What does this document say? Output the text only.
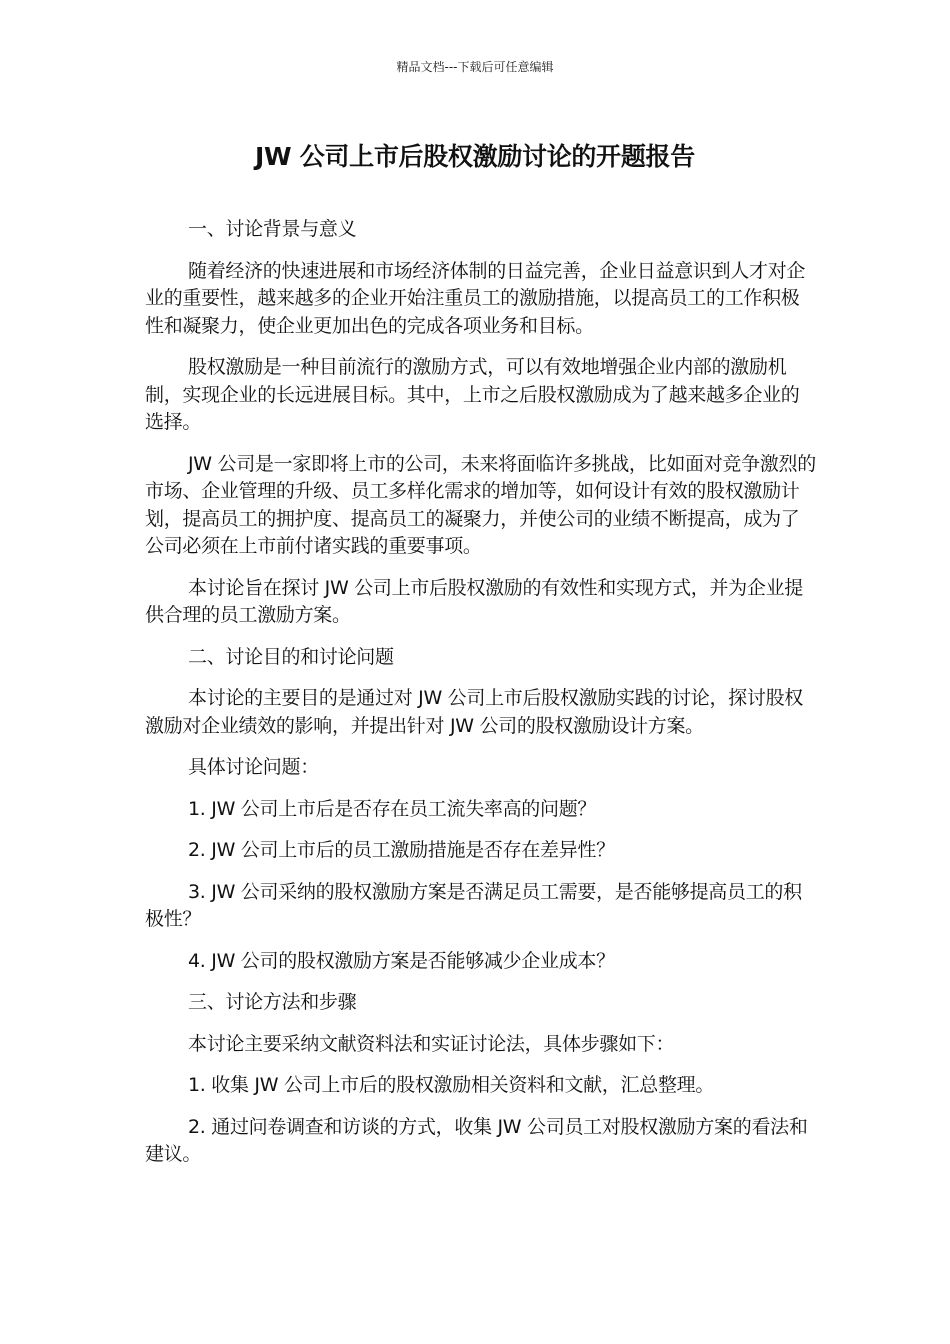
精品文档---下载后可任意编辑
JW 公司上市后股权激励讨论的开题报告

一、讨论背景与意义

随着经济的快速进展和市场经济体制的日益完善，企业日益意识到人才对企业的重要性，越来越多的企业开始注重员工的激励措施，以提高员工的工作积极性和凝聚力，使企业更加出色的完成各项业务和目标。

股权激励是一种目前流行的激励方式，可以有效地增强企业内部的激励机制，实现企业的长远进展目标。其中，上市之后股权激励成为了越来越多企业的选择。

JW 公司是一家即将上市的公司，未来将面临许多挑战，比如面对竞争激烈的市场、企业管理的升级、员工多样化需求的增加等，如何设计有效的股权激励计划，提高员工的拥护度、提高员工的凝聚力，并使公司的业绩不断提高，成为了公司必须在上市前付诸实践的重要事项。

本讨论旨在探讨 JW 公司上市后股权激励的有效性和实现方式，并为企业提供合理的员工激励方案。

二、讨论目的和讨论问题

本讨论的主要目的是通过对 JW 公司上市后股权激励实践的讨论，探讨股权激励对企业绩效的影响，并提出针对 JW 公司的股权激励设计方案。

具体讨论问题：

1. JW 公司上市后是否存在员工流失率高的问题？

2. JW 公司上市后的员工激励措施是否存在差异性？

3. JW 公司采纳的股权激励方案是否满足员工需要，是否能够提高员工的积极性？

4. JW 公司的股权激励方案是否能够减少企业成本？

三、讨论方法和步骤

本讨论主要采纳文献资料法和实证讨论法，具体步骤如下：

1. 收集 JW 公司上市后的股权激励相关资料和文献，汇总整理。

2. 通过问卷调查和访谈的方式，收集 JW 公司员工对股权激励方案的看法和建议。
